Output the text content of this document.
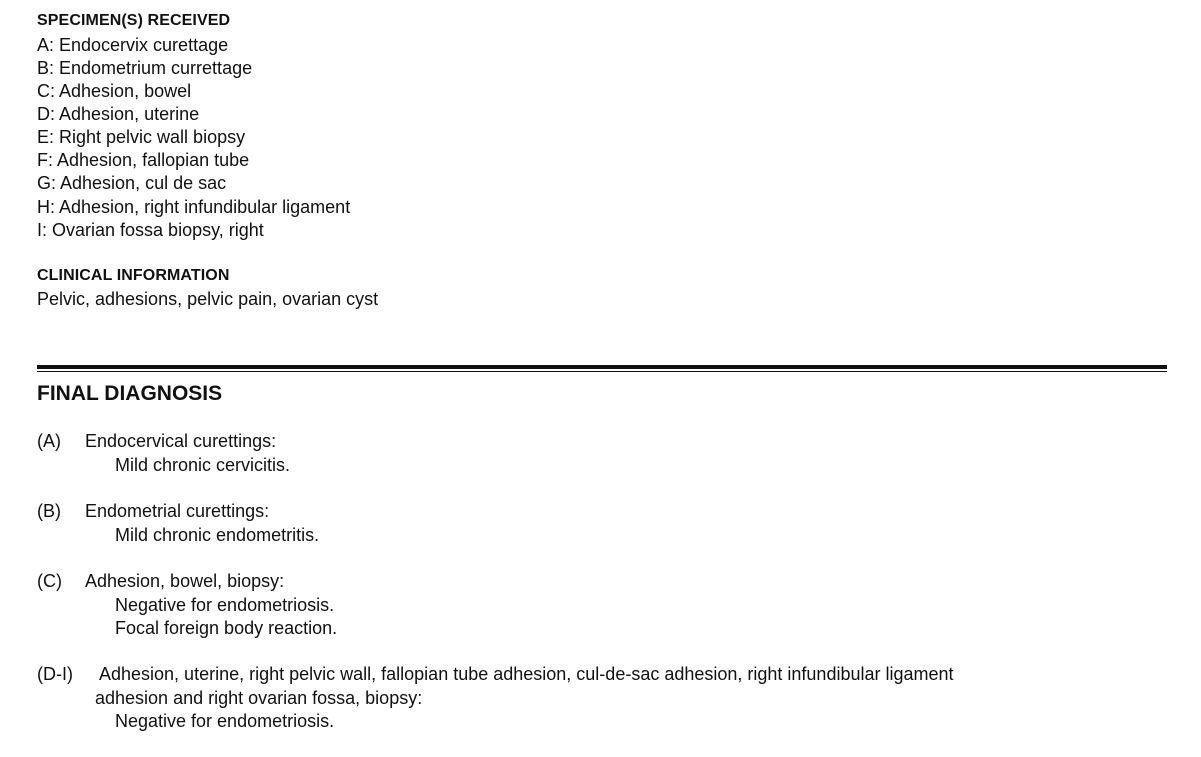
SPECIMEN(S) RECEIVED
A: Endocervix curettage
B: Endometrium currettage
C: Adhesion, bowel
D: Adhesion, uterine
E: Right pelvic wall biopsy
F: Adhesion, fallopian tube
G: Adhesion, cul de sac
H: Adhesion, right infundibular ligament
I: Ovarian fossa biopsy, right
CLINICAL INFORMATION
Pelvic, adhesions, pelvic pain, ovarian cyst
FINAL DIAGNOSIS
(A) Endocervical curettings:
Mild chronic cervicitis.
(B) Endometrial curettings:
Mild chronic endometritis.
(C) Adhesion, bowel, biopsy:
Negative for endometriosis.
Focal foreign body reaction.
(D-I) Adhesion, uterine, right pelvic wall, fallopian tube adhesion, cul-de-sac adhesion, right infundibular ligament
adhesion and right ovarian fossa, biopsy:
Negative for endometriosis.
